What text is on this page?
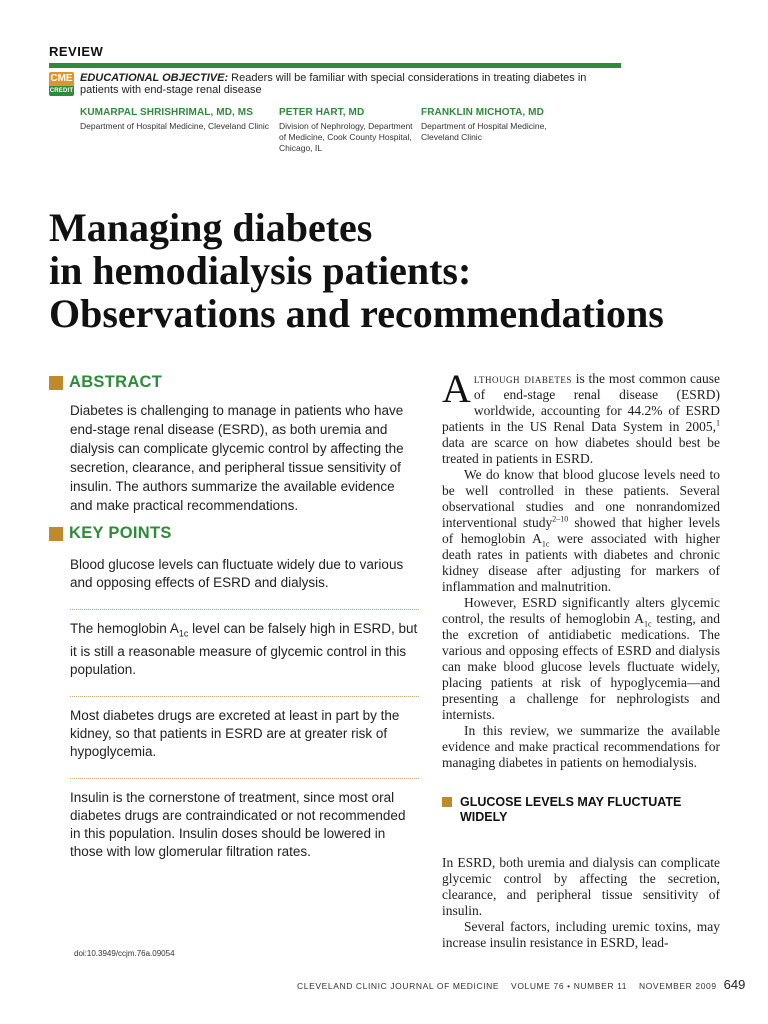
REVIEW
CME
CREDIT
EDUCATIONAL OBJECTIVE: Readers will be familiar with special considerations in treating diabetes in patients with end-stage renal disease
KUMARPAL SHRISHRIMAL, MD, MS
Department of Hospital Medicine, Cleveland Clinic
PETER HART, MD
Division of Nephrology, Department of Medicine, Cook County Hospital, Chicago, IL
FRANKLIN MICHOTA, MD
Department of Hospital Medicine, Cleveland Clinic
Managing diabetes
in hemodialysis patients:
Observations and recommendations
ABSTRACT

Diabetes is challenging to manage in patients who have end-stage renal disease (ESRD), as both uremia and dialysis can complicate glycemic control by affecting the secretion, clearance, and peripheral tissue sensitivity of insulin. The authors summarize the available evidence and make practical recommendations.

KEY POINTS

Blood glucose levels can fluctuate widely due to various and opposing effects of ESRD and dialysis.

The hemoglobin $A_{1c}$ level can be falsely high in ESRD, but it is still a reasonable measure of glycemic control in this population.

Most diabetes drugs are excreted at least in part by the kidney, so that patients in ESRD are at greater risk of hypoglycemia.

Insulin is the cornerstone of treatment, since most oral diabetes drugs are contraindicated or not recommended in this population. Insulin doses should be lowered in those with low glomerular filtration rates.

doi:10.3949/ccjm.76a.09054

Although diabetes is the most common cause of end-stage renal disease (ESRD) worldwide, accounting for 44.2% of ESRD patients in the US Renal Data System in 2005,$^1$ data are scarce on how diabetes should best be treated in patients in ESRD.

We do know that blood glucose levels need to be well controlled in these patients. Several observational studies and one nonrandomized interventional study$^{2-10}$ showed that higher levels of hemoglobin $A_{1c}$ were associated with higher death rates in patients with diabetes and chronic kidney disease after adjusting for markers of inflammation and malnutrition.

However, ESRD significantly alters glycemic control, the results of hemoglobin $A_{1c}$ testing, and the excretion of antidiabetic medications. The various and opposing effects of ESRD and dialysis can make blood glucose levels fluctuate widely, placing patients at risk of hypoglycemia—and presenting a challenge for nephrologists and internists.

In this review, we summarize the available evidence and make practical recommendations for managing diabetes in patients on hemodialysis.

GLUCOSE LEVELS MAY FLUCTUATE WIDELY

In ESRD, both uremia and dialysis can complicate glycemic control by affecting the secretion, clearance, and peripheral tissue sensitivity of insulin.

Several factors, including uremic toxins, may increase insulin resistance in ESRD, lead-

CLEVELAND CLINIC JOURNAL OF MEDICINE VOLUME 76 • NUMBER 11 NOVEMBER 2009 649
